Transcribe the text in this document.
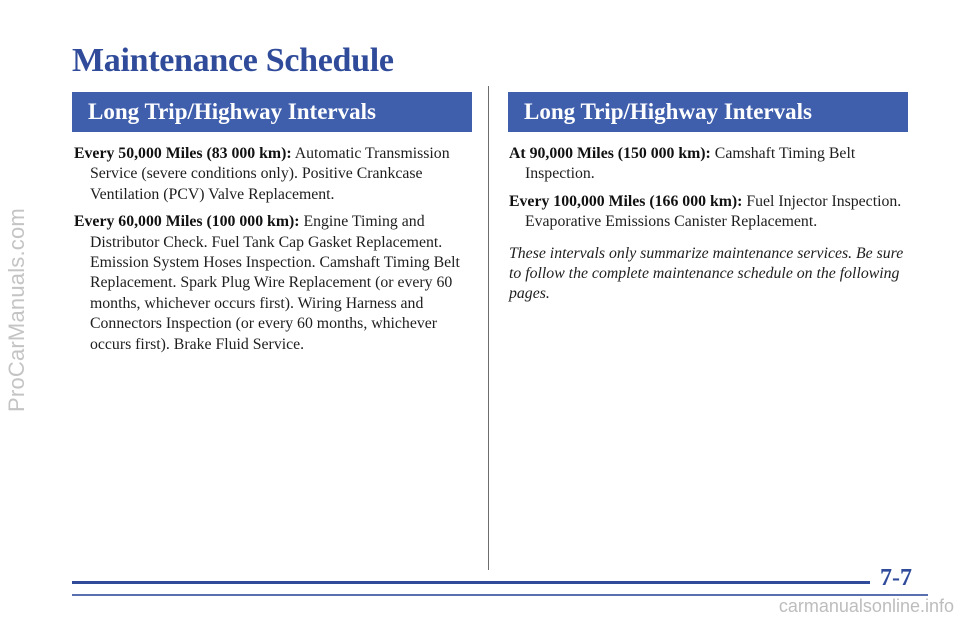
ProCarManuals.com
Maintenance Schedule
Long Trip/Highway Intervals	Long Trip/Highway Intervals

Every 50,000 Miles (83 000 km): Automatic Transmission Service (severe conditions only). Positive Crankcase Ventilation (PCV) Valve Replacement.

Every 60,000 Miles (100 000 km): Engine Timing and Distributor Check. Fuel Tank Cap Gasket Replacement. Emission System Hoses Inspection. Camshaft Timing Belt Replacement. Spark Plug Wire Replacement (or every 60 months, whichever occurs first). Wiring Harness and Connectors Inspection (or every 60 months, whichever occurs first). Brake Fluid Service.

At 90,000 Miles (150 000 km): Camshaft Timing Belt Inspection.

Every 100,000 Miles (166 000 km): Fuel Injector Inspection. Evaporative Emissions Canister Replacement.

These intervals only summarize maintenance services. Be sure to follow the complete maintenance schedule on the following pages.

7-7
carmanualsonline.info
